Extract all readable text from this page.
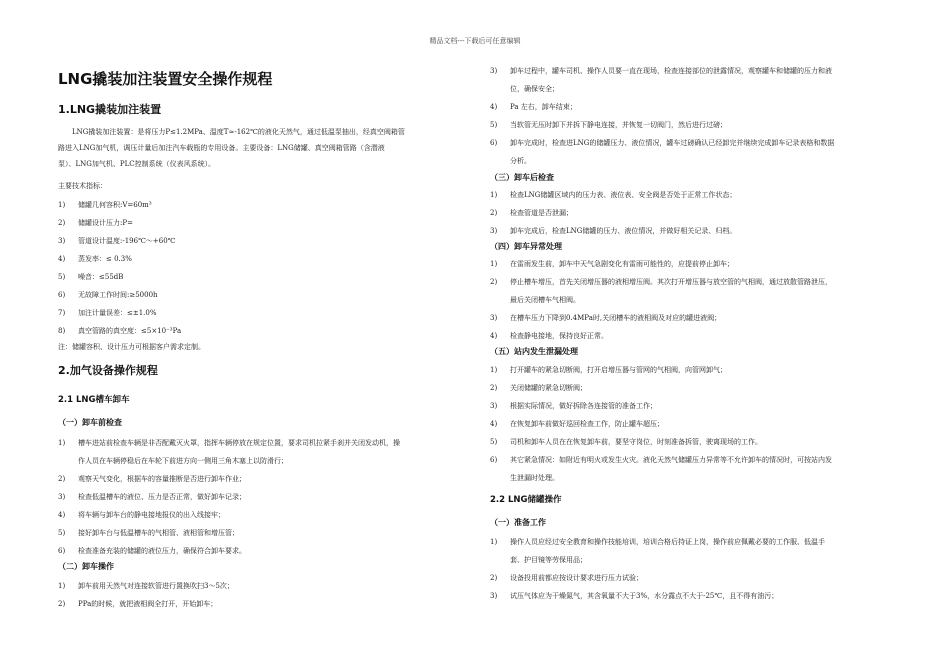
精品文档---下载后可任意编辑
LNG撬装加注装置安全操作规程
1.LNG撬装加注装置
LNG撬装加注装置：是将压力P≤1.2MPa、温度T≈-162℃的液化天然气，通过低温泵抽出，经真空阀箱管
路进入LNG加气机，调压计量后加注汽车载瓶的专用设备。主要设备：LNG储罐、真空阀箱管路（含潜液
泵）、LNG加气机、PLC控制系统（仪表风系统）。
主要技术指标：
1) 储罐几何容积:V=60m³
2) 储罐设计压力:P=
3) 管道设计温度:-196℃～+60℃
4) 蒸发率：≤ 0.3%
5) 噪音：≤55dB
6) 无故障工作时间:≥5000h
7) 加注计量误差：≤±1.0%
8) 真空管路的真空度：≤5×10⁻³Pa
注：储罐容积、设计压力可根据客户需求定制。
2.加气设备操作规程
2.1 LNG槽车卸车
（一）卸车前检查
1) 槽车进站前检查车辆是非否配戴灭火罩，指挥车辆停放在规定位置，要求司机拉紧手刹并关闭发动机，操
作人员在车辆停稳后在车轮下前进方向一侧用三角木塞上以防滑行；
2) 观察天气变化，根据车的容量推断是否进行卸车作业；
3) 检查低温槽车的液位、压力是否正常，做好卸车记录；
4) 将车辆与卸车台的静电接地报仪的出入线接牢；
5) 接好卸车台与低温槽车的气相管、液相管和增压管；
6) 检查准备充装的储罐的液位压力，确保符合卸车要求。
（二）卸车操作
1) 卸车前用天然气对连接软管进行置换吹扫3～5次；
2) PPa的时候，就把液相阀全打开，开始卸车；
3) 卸车过程中，罐车司机、操作人员要一直在现场，检查连接部位的泄露情况，观察罐车和储罐的压力和液
位，确保安全；
4) Pa 左右，卸车结束；
5) 当软管无压时卸下并拆下静电连接，并恢复一切阀门，然后进行过磅；
6) 卸车完成时，检查进LNG的储罐压力、液位情况，罐车过磅确认已经卸完并继续完成卸车记录表格和数据
分析。
（三）卸车后检查
1) 检查LNG储罐区域内的压力表、液位表、安全阀是否处于正常工作状态；
2) 检查管道是否泄漏；
3) 卸车完成后，检查LNG储罐的压力、液位情况，并做好相关记录、归档。
（四）卸车异常处理
1) 在雷雨发生前，卸车中天气急剧变化有雷雨可能性的，应提前停止卸车；
2) 停止槽车增压，首先关闭增压器的液相增压阀。其次打开增压器与放空管的气相阀，通过放散管路泄压，
最后关闭槽车气相阀。
3) 在槽车压力下降到0.4MPa时,关闭槽车的液相阀及对应的罐进液阀；
4) 检查静电接地，保持良好正常。
（五）站内发生泄漏处理
1) 打开罐车的紧急切断阀，打开启增压器与管网的气相阀，向管网卸气；
2) 关闭储罐的紧急切断阀；
3) 根据实际情况，做好拆除各连接管的准备工作；
4) 在恢复卸车前做好巡回检查工作，防止罐车超压；
5) 司机和卸车人员在在恢复卸车前，要坚守岗位，时刻准备拆管，驶离现场的工作。
6) 其它紧急情况：如附近有明火或发生火灾。液化天然气储罐压力异常等不允许卸车的情况时，可按站内发
生泄漏时处理。
2.2 LNG储罐操作
（一）准备工作
1) 操作人员应经过安全教育和操作技能培训，培训合格后持证上岗，操作前应佩戴必要的工作服、低温手
套、护目镜等劳保用品；
2) 设备投用前都应按设计要求进行压力试验；
3) 试压气体应为干燥氮气，其含氧量不大于3%，水分露点不大于-25℃，且不得有油污；
